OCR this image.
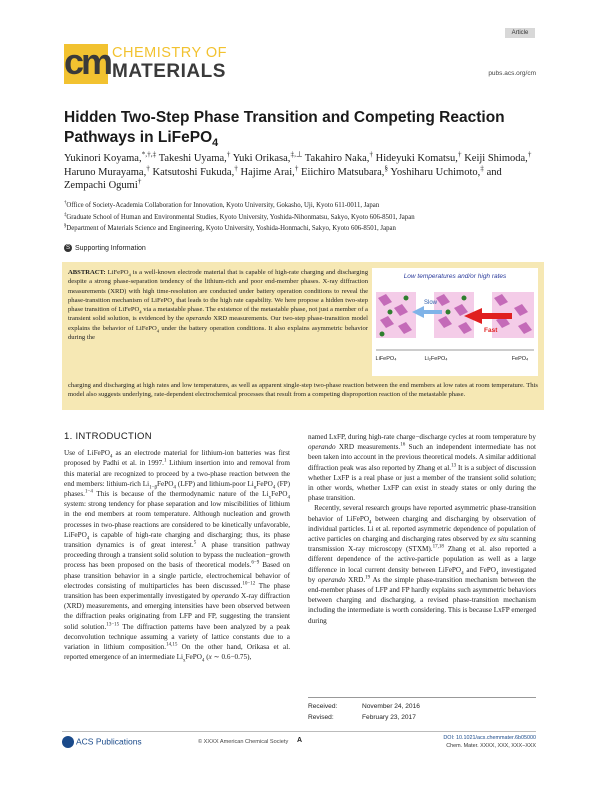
cm CHEMISTRY OF
MATERIALS
Article
pubs.acs.org/cm
Hidden Two-Step Phase Transition and Competing Reaction Pathways in LiFePO$_4$
Yukinori Koyama,*,†,‡ Takeshi Uyama,† Yuki Orikasa,‡,⊥ Takahiro Naka,† Hideyuki Komatsu,† Keiji Shimoda,† Haruno Murayama,† Katsutoshi Fukuda,† Hajime Arai,† Eiichiro Matsubara,§ Yoshiharu Uchimoto,‡ and Zempachi Ogumi†
†Office of Society-Academia Collaboration for Innovation, Kyoto University, Gokasho, Uji, Kyoto 611-0011, Japan
‡Graduate School of Human and Environmental Studies, Kyoto University, Yoshida-Nihonmatsu, Sakyo, Kyoto 606-8501, Japan
§Department of Materials Science and Engineering, Kyoto University, Yoshida-Honmachi, Sakyo, Kyoto 606-8501, Japan
S Supporting Information
ABSTRACT: LiFePO$_4$ is a well-known electrode material that is capable of high-rate charging and discharging despite a strong phase-separation tendency of the lithium-rich and poor end-member phases. X-ray diffraction measurements (XRD) with high time-resolution are conducted under battery operation conditions to reveal the phase-transition mechanism of LiFePO$_4$ that leads to the high rate capability. We here propose a hidden two-step phase transition of LiFePO$_4$ via a metastable phase. The existence of the metastable phase, not just a member of a transient solid solution, is evidenced by the operando XRD measurements. Our two-step phase-transition model explains the behavior of LiFePO$_4$ under the battery operation conditions. It also explains asymmetric behavior during the
charging and discharging at high rates and low temperatures, as well as apparent single-step two-phase reaction between the end members at low rates at room temperature. This model also suggests underlying, rate-dependent electrochemical processes that result from a competing disproportion reaction of the metastable phase.
Low temperatures and/or high rates
Slow
Fast
LiFePO₄	Li₂FePO₄	FePO₄
1. INTRODUCTION

Use of LiFePO$_4$ as an electrode material for lithium-ion batteries was first proposed by Padhi et al. in 1997.$^1$ Lithium insertion into and removal from this material are recognized to proceed by a two-phase reaction between the end members: lithium-rich $Li_{1-\beta}FePO_4$ (LFP) and lithium-poor $Li_\alpha FePO_4$ (FP) phases.$^{1-4}$ This is because of the thermodynamic nature of the $Li_xFePO_4$ system: strong tendency for phase separation and low miscibilities of lithium in the end members at room temperature. Although nucleation and growth processes in two-phase reactions are considered to be kinetically unfavorable, LiFePO$_4$ is capable of high-rate charging and discharging; thus, its phase transition dynamics is of great interest.$^5$ A phase transition pathway proceeding through a transient solid solution to bypass the nucleation−growth process has been proposed on the basis of theoretical models.$^{6-9}$ Based on phase transition behavior in a single particle, electrochemical behavior of electrodes consisting of multiparticles has been discussed.$^{10-12}$ The phase transition has been experimentally investigated by operando X-ray diffraction (XRD) measurements, and emerging intensities have been observed between the diffraction peaks originating from LFP and FP, suggesting the transient solid solution.$^{13-15}$ The diffraction patterns have been analyzed by a peak deconvolution technique assuming a variety of lattice constants due to a variation in lithium composition.$^{14,15}$ On the other hand, Orikasa et al. reported emergence of an intermediate $Li_xFePO_4$ (x ∼ 0.6−0.75),

named LxFP, during high-rate charge−discharge cycles at room temperature by operando XRD measurements.$^{16}$ Such an independent intermediate has not been taken into account in the previous theoretical models. A similar additional diffraction peak was also reported by Zhang et al.$^{13}$ It is a subject of discussion whether LxFP is a real phase or just a member of the transient solid solution; in other words, whether LxFP can exist in steady states or only during the phase transition.
Recently, several research groups have reported asymmetric phase-transition behavior of LiFePO$_4$ between charging and discharging by observation of individual particles. Li et al. reported asymmetric dependence of population of active particles on charging and discharging rates observed by ex situ scanning transmission X-ray microscopy (STXM).$^{17,18}$ Zhang et al. also reported a different dependence of the active-particle population as well as a large difference in local current density between LiFePO$_4$ and FePO$_4$ investigated by operando XRD.$^{19}$ As the simple phase-transition mechanism between the end-member phases of LFP and FP hardly explains such asymmetric behaviors between charging and discharging, a revised phase-transition mechanism including the intermediate is worth considering. This is because LxFP emerged during

Received:	November 24, 2016
Revised:	February 23, 2017
ACS Publications	© XXXX American Chemical Society A	DOI: 10.1021/acs.chemmater.6b05000
Chem. Mater. XXXX, XXX, XXX−XXX
